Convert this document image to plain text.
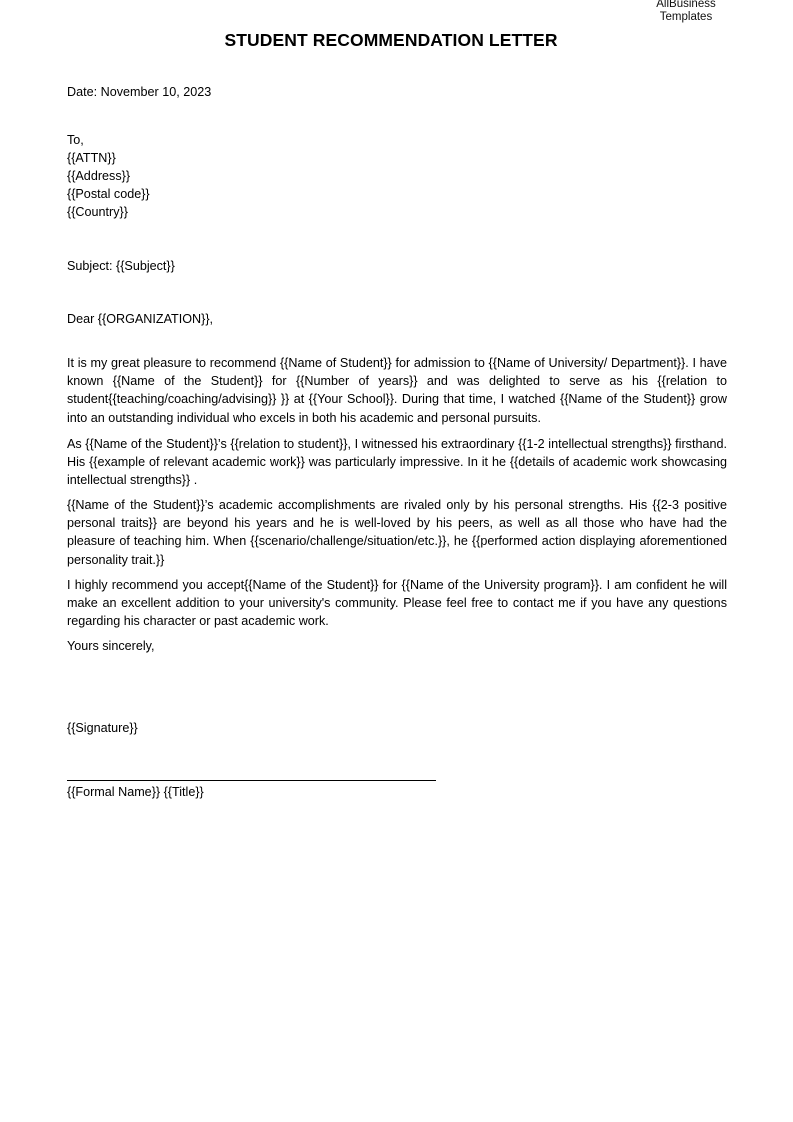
AllBusiness
Templates
STUDENT RECOMMENDATION LETTER
Date: November 10, 2023
To,
{{ATTN}}
{{Address}}
{{Postal code}}
{{Country}}
Subject: {{Subject}}
Dear {{ORGANIZATION}},

It is my great pleasure to recommend {{Name of Student}} for admission to {{Name of University/ Department}}. I have known {{Name of the Student}} for {{Number of years}} and was delighted to serve as his {{relation to student{{teaching/coaching/advising}} }} at {{Your School}}. During that time, I watched {{Name of the Student}} grow into an outstanding individual who excels in both his academic and personal pursuits.

As {{Name of the Student}}’s {{relation to student}}, I witnessed his extraordinary {{1-2 intellectual strengths}} firsthand. His {{example of relevant academic work}} was particularly impressive. In it he {{details of academic work showcasing intellectual strengths}} .

{{Name of the Student}}’s academic accomplishments are rivaled only by his personal strengths. His {{2-3 positive personal traits}} are beyond his years and he is well-loved by his peers, as well as all those who have had the pleasure of teaching him. When {{scenario/challenge/situation/etc.}}, he {{performed action displaying aforementioned personality trait.}}

I highly recommend you accept{{Name of the Student}} for {{Name of the University program}}. I am confident he will make an excellent addition to your university's community. Please feel free to contact me if you have any questions regarding his character or past academic work.

Yours sincerely,
{{Signature}}
{{Formal Name}} {{Title}}
